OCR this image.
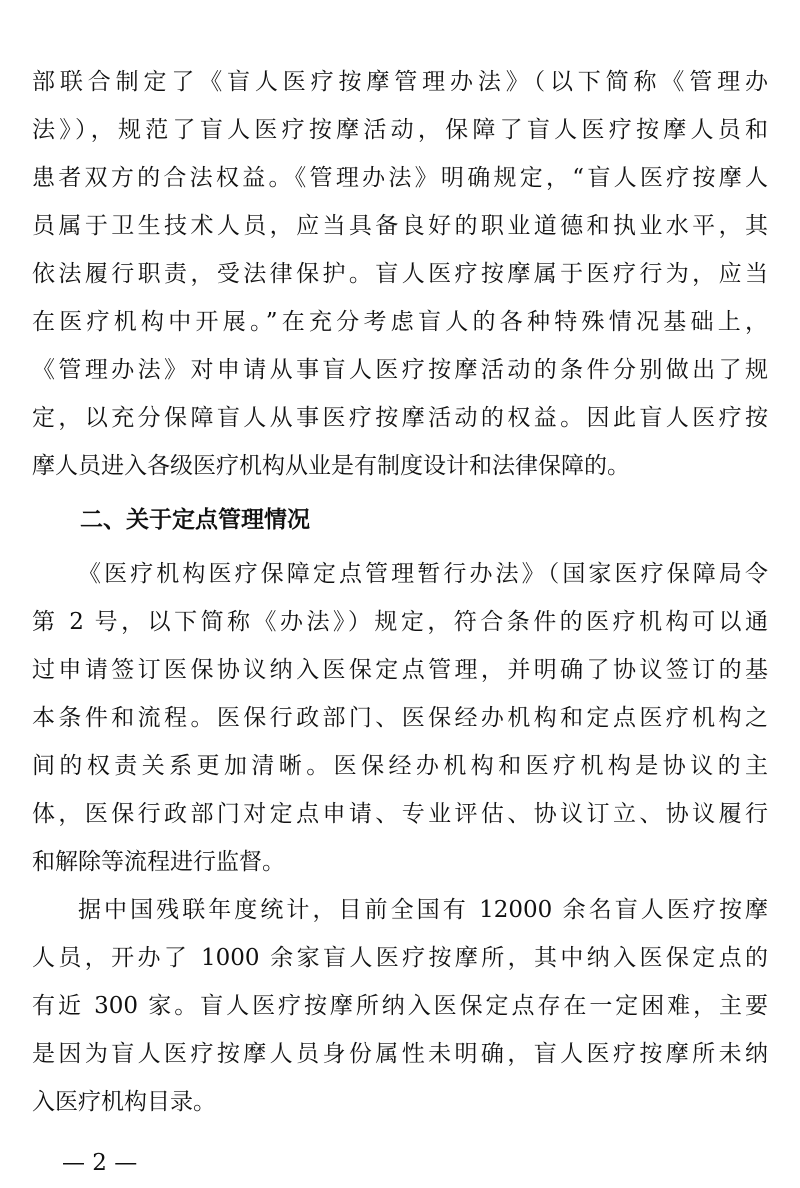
部联合制定了《盲人医疗按摩管理办法》（以下简称《管理办
法》），规范了盲人医疗按摩活动，保障了盲人医疗按摩人员和
患者双方的合法权益。《管理办法》明确规定，“盲人医疗按摩人
员属于卫生技术人员，应当具备良好的职业道德和执业水平，其
依法履行职责，受法律保护。盲人医疗按摩属于医疗行为，应当
在医疗机构中开展。”在充分考虑盲人的各种特殊情况基础上，
《管理办法》对申请从事盲人医疗按摩活动的条件分别做出了规
定，以充分保障盲人从事医疗按摩活动的权益。因此盲人医疗按
摩人员进入各级医疗机构从业是有制度设计和法律保障的。
二、关于定点管理情况
《医疗机构医疗保障定点管理暂行办法》（国家医疗保障局令
第 2 号，以下简称《办法》）规定，符合条件的医疗机构可以通
过申请签订医保协议纳入医保定点管理，并明确了协议签订的基
本条件和流程。医保行政部门、医保经办机构和定点医疗机构之
间的权责关系更加清晰。医保经办机构和医疗机构是协议的主
体，医保行政部门对定点申请、专业评估、协议订立、协议履行
和解除等流程进行监督。
据中国残联年度统计，目前全国有 12000 余名盲人医疗按摩
人员，开办了 1000 余家盲人医疗按摩所，其中纳入医保定点的
有近 300 家。盲人医疗按摩所纳入医保定点存在一定困难，主要
是因为盲人医疗按摩人员身份属性未明确，盲人医疗按摩所未纳
入医疗机构目录。
— 2 —
